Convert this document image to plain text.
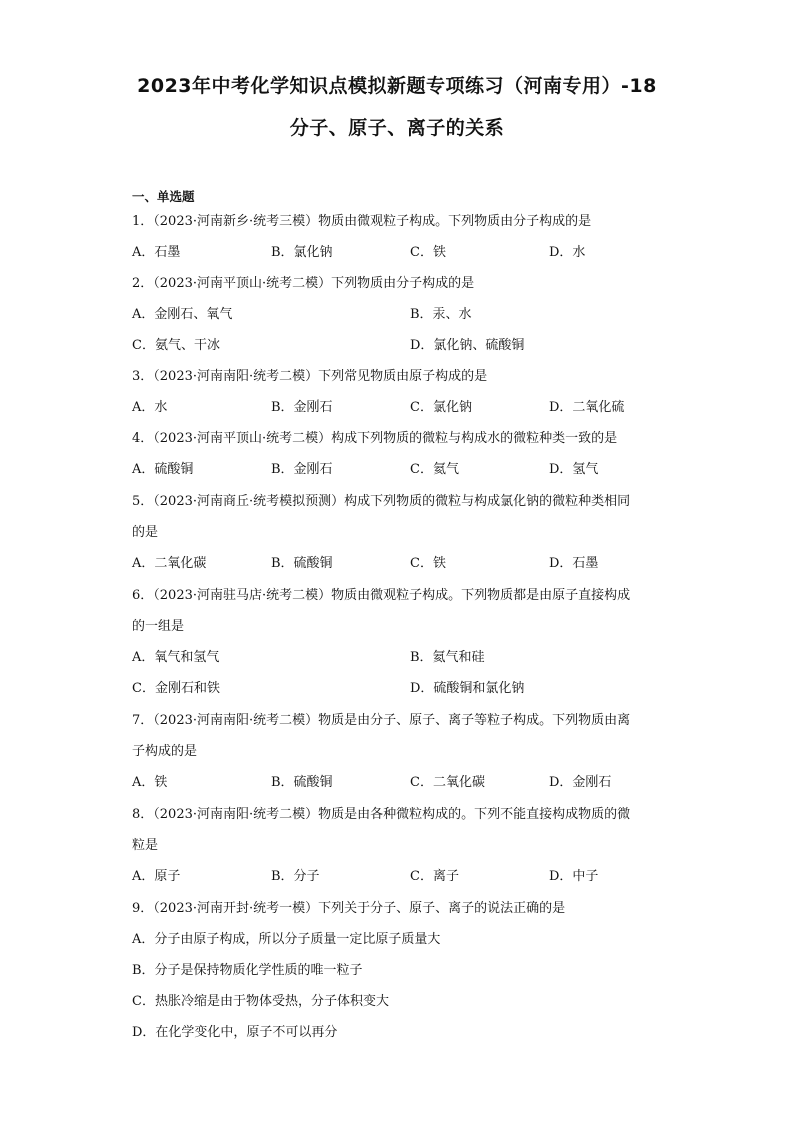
2023年中考化学知识点模拟新题专项练习（河南专用）-18
分子、原子、离子的关系
一、单选题
1．（2023·河南新乡·统考三模）物质由微观粒子构成。下列物质由分子构成的是
A．石墨	B．氯化钠	C．铁	D．水
2．（2023·河南平顶山·统考二模）下列物质由分子构成的是
A．金刚石、氧气	B．汞、水
C．氨气、干冰	D．氯化钠、硫酸铜
3．（2023·河南南阳·统考二模）下列常见物质由原子构成的是
A．水	B．金刚石	C．氯化钠	D．二氧化硫
4．（2023·河南平顶山·统考二模）构成下列物质的微粒与构成水的微粒种类一致的是
A．硫酸铜	B．金刚石	C．氦气	D．氢气
5．（2023·河南商丘·统考模拟预测）构成下列物质的微粒与构成氯化钠的微粒种类相同
的是
A．二氧化碳	B．硫酸铜	C．铁	D．石墨
6．（2023·河南驻马店·统考二模）物质由微观粒子构成。下列物质都是由原子直接构成
的一组是
A．氧气和氢气	B．氦气和硅
C．金刚石和铁	D．硫酸铜和氯化钠
7．（2023·河南南阳·统考二模）物质是由分子、原子、离子等粒子构成。下列物质由离
子构成的是
A．铁	B．硫酸铜	C．二氧化碳	D．金刚石
8．（2023·河南南阳·统考二模）物质是由各种微粒构成的。下列不能直接构成物质的微
粒是
A．原子	B．分子	C．离子	D．中子
9．（2023·河南开封·统考一模）下列关于分子、原子、离子的说法正确的是
A．分子由原子构成，所以分子质量一定比原子质量大
B．分子是保持物质化学性质的唯一粒子
C．热胀冷缩是由于物体受热，分子体积变大
D．在化学变化中，原子不可以再分
